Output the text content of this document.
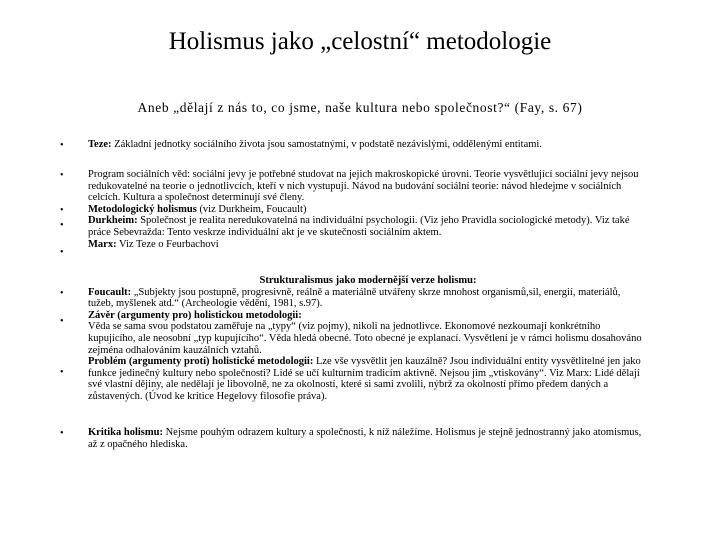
Holismus jako „celostní“ metodologie
Aneb „dělají z nás to, co jsme, naše kultura nebo společnost?“ (Fay, s. 67)
•
•
•
•
•
•
•
•
•

Teze: Základní jednotky sociálního života jsou samostatnými, v podstatě nezávislými, oddělenými entitami.

Program sociálních věd: sociální jevy je potřebné studovat na jejich makroskopické úrovni. Teorie vysvětlující sociální jevy nejsou redukovatelné na teorie o jednotlivcích, kteří v nich vystupují. Návod na budování sociální teorie: návod hledejme v sociálních celcích. Kultura a společnost determinují své členy.

Metodologický holismus (viz Durkheim, Foucault)

Durkheim: Společnost je realita neredukovatelná na individuální psychologii. (Viz jeho Pravidla sociologické metody). Viz také práce Sebevražda: Tento veskrze individuální akt je ve skutečnosti sociálním aktem.

Marx: Viz Teze o Feurbachovi

Strukturalismus jako modernější verze holismu:

Foucault: „Subjekty jsou postupně, progresivně, reálně a materiálně utvářeny skrze mnohost organismů,sil, energií, materiálů, tužeb, myšlenek atd.“ (Archeologie vědění, 1981, s.97).

Závěr (argumenty pro) holistickou metodologii:
Věda se sama svou podstatou zaměřuje na „typy“ (viz pojmy), nikoli na jednotlivce. Ekonomové nezkoumají konkrétního kupujícího, ale neosobní „typ kupujícího“. Věda hledá obecné. Toto obecné je explanací. Vysvětlení je v rámci holismu dosahováno zejména odhalováním kauzálních vztahů.

Problém (argumenty proti) holistické metodologii: Lze vše vysvětlit jen kauzálně? Jsou individuální entity vysvětlitelné jen jako funkce jedinečný kultury nebo společnosti? Lidé se učí kulturním tradicím aktivně. Nejsou jim „vtiskovány“. Viz Marx: Lidé dělají své vlastní dějiny, ale nedělají je libovolně, ne za okolností, které si sami zvolili, nýbrž za okolností přímo předem daných a zůstavených. (Úvod ke kritice Hegelovy filosofie práva).

Kritika holismu: Nejsme pouhým odrazem kultury a společnosti, k níž náležíme. Holismus je stejně jednostranný jako atomismus, až z opačného hlediska.
